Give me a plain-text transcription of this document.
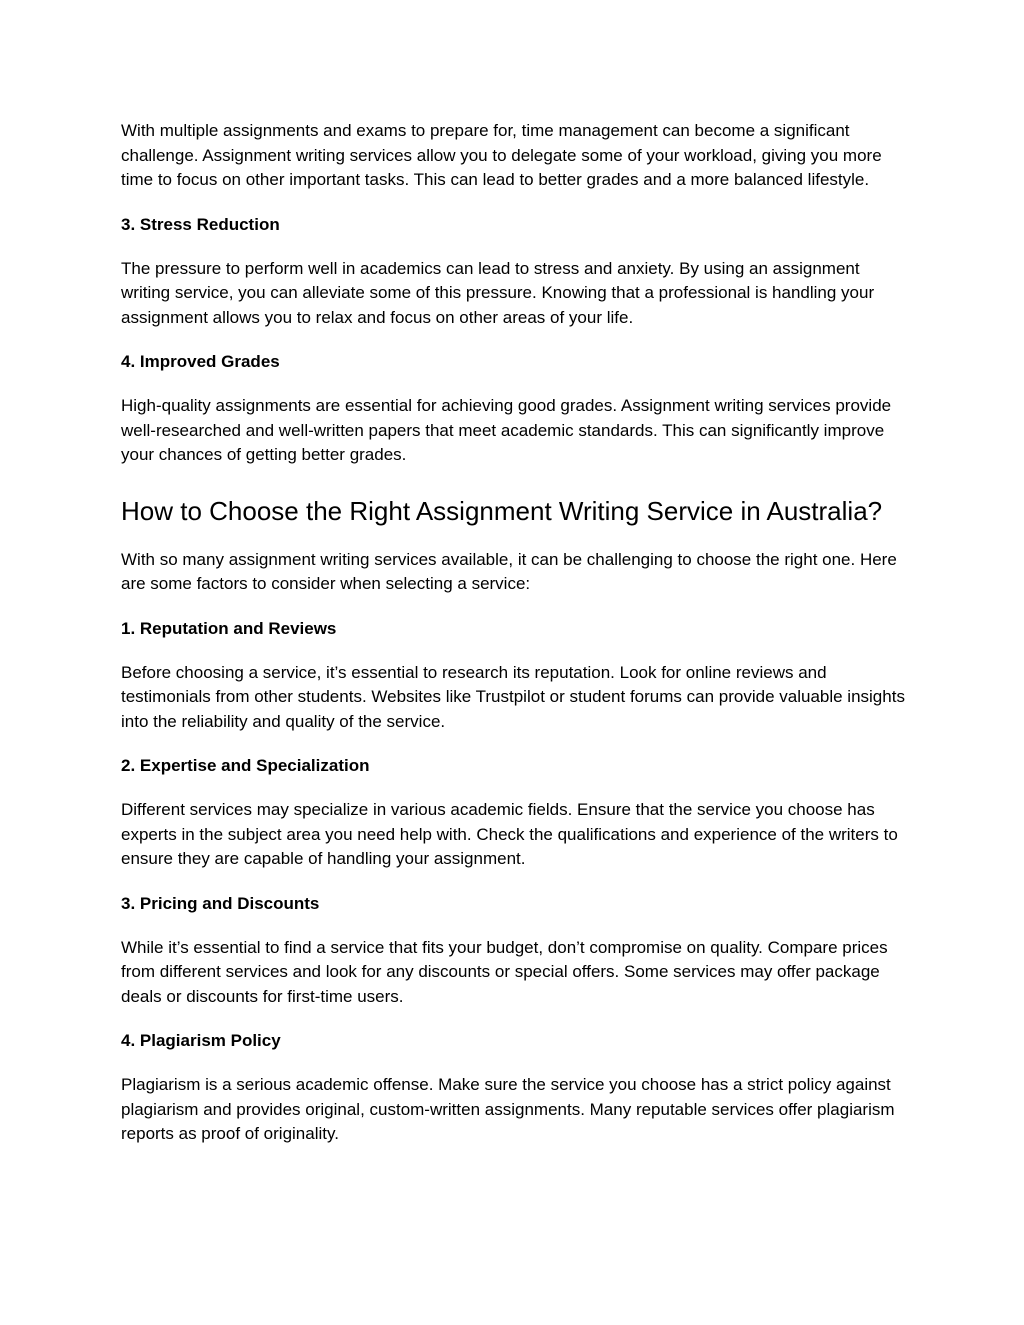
With multiple assignments and exams to prepare for, time management can become a significant challenge. Assignment writing services allow you to delegate some of your workload, giving you more time to focus on other important tasks. This can lead to better grades and a more balanced lifestyle.

3. Stress Reduction

The pressure to perform well in academics can lead to stress and anxiety. By using an assignment writing service, you can alleviate some of this pressure. Knowing that a professional is handling your assignment allows you to relax and focus on other areas of your life.

4. Improved Grades

High-quality assignments are essential for achieving good grades. Assignment writing services provide well-researched and well-written papers that meet academic standards. This can significantly improve your chances of getting better grades.

How to Choose the Right Assignment Writing Service in Australia?

With so many assignment writing services available, it can be challenging to choose the right one. Here are some factors to consider when selecting a service:

1. Reputation and Reviews

Before choosing a service, it’s essential to research its reputation. Look for online reviews and testimonials from other students. Websites like Trustpilot or student forums can provide valuable insights into the reliability and quality of the service.

2. Expertise and Specialization

Different services may specialize in various academic fields. Ensure that the service you choose has experts in the subject area you need help with. Check the qualifications and experience of the writers to ensure they are capable of handling your assignment.

3. Pricing and Discounts

While it’s essential to find a service that fits your budget, don’t compromise on quality. Compare prices from different services and look for any discounts or special offers. Some services may offer package deals or discounts for first-time users.

4. Plagiarism Policy

Plagiarism is a serious academic offense. Make sure the service you choose has a strict policy against plagiarism and provides original, custom-written assignments. Many reputable services offer plagiarism reports as proof of originality.
